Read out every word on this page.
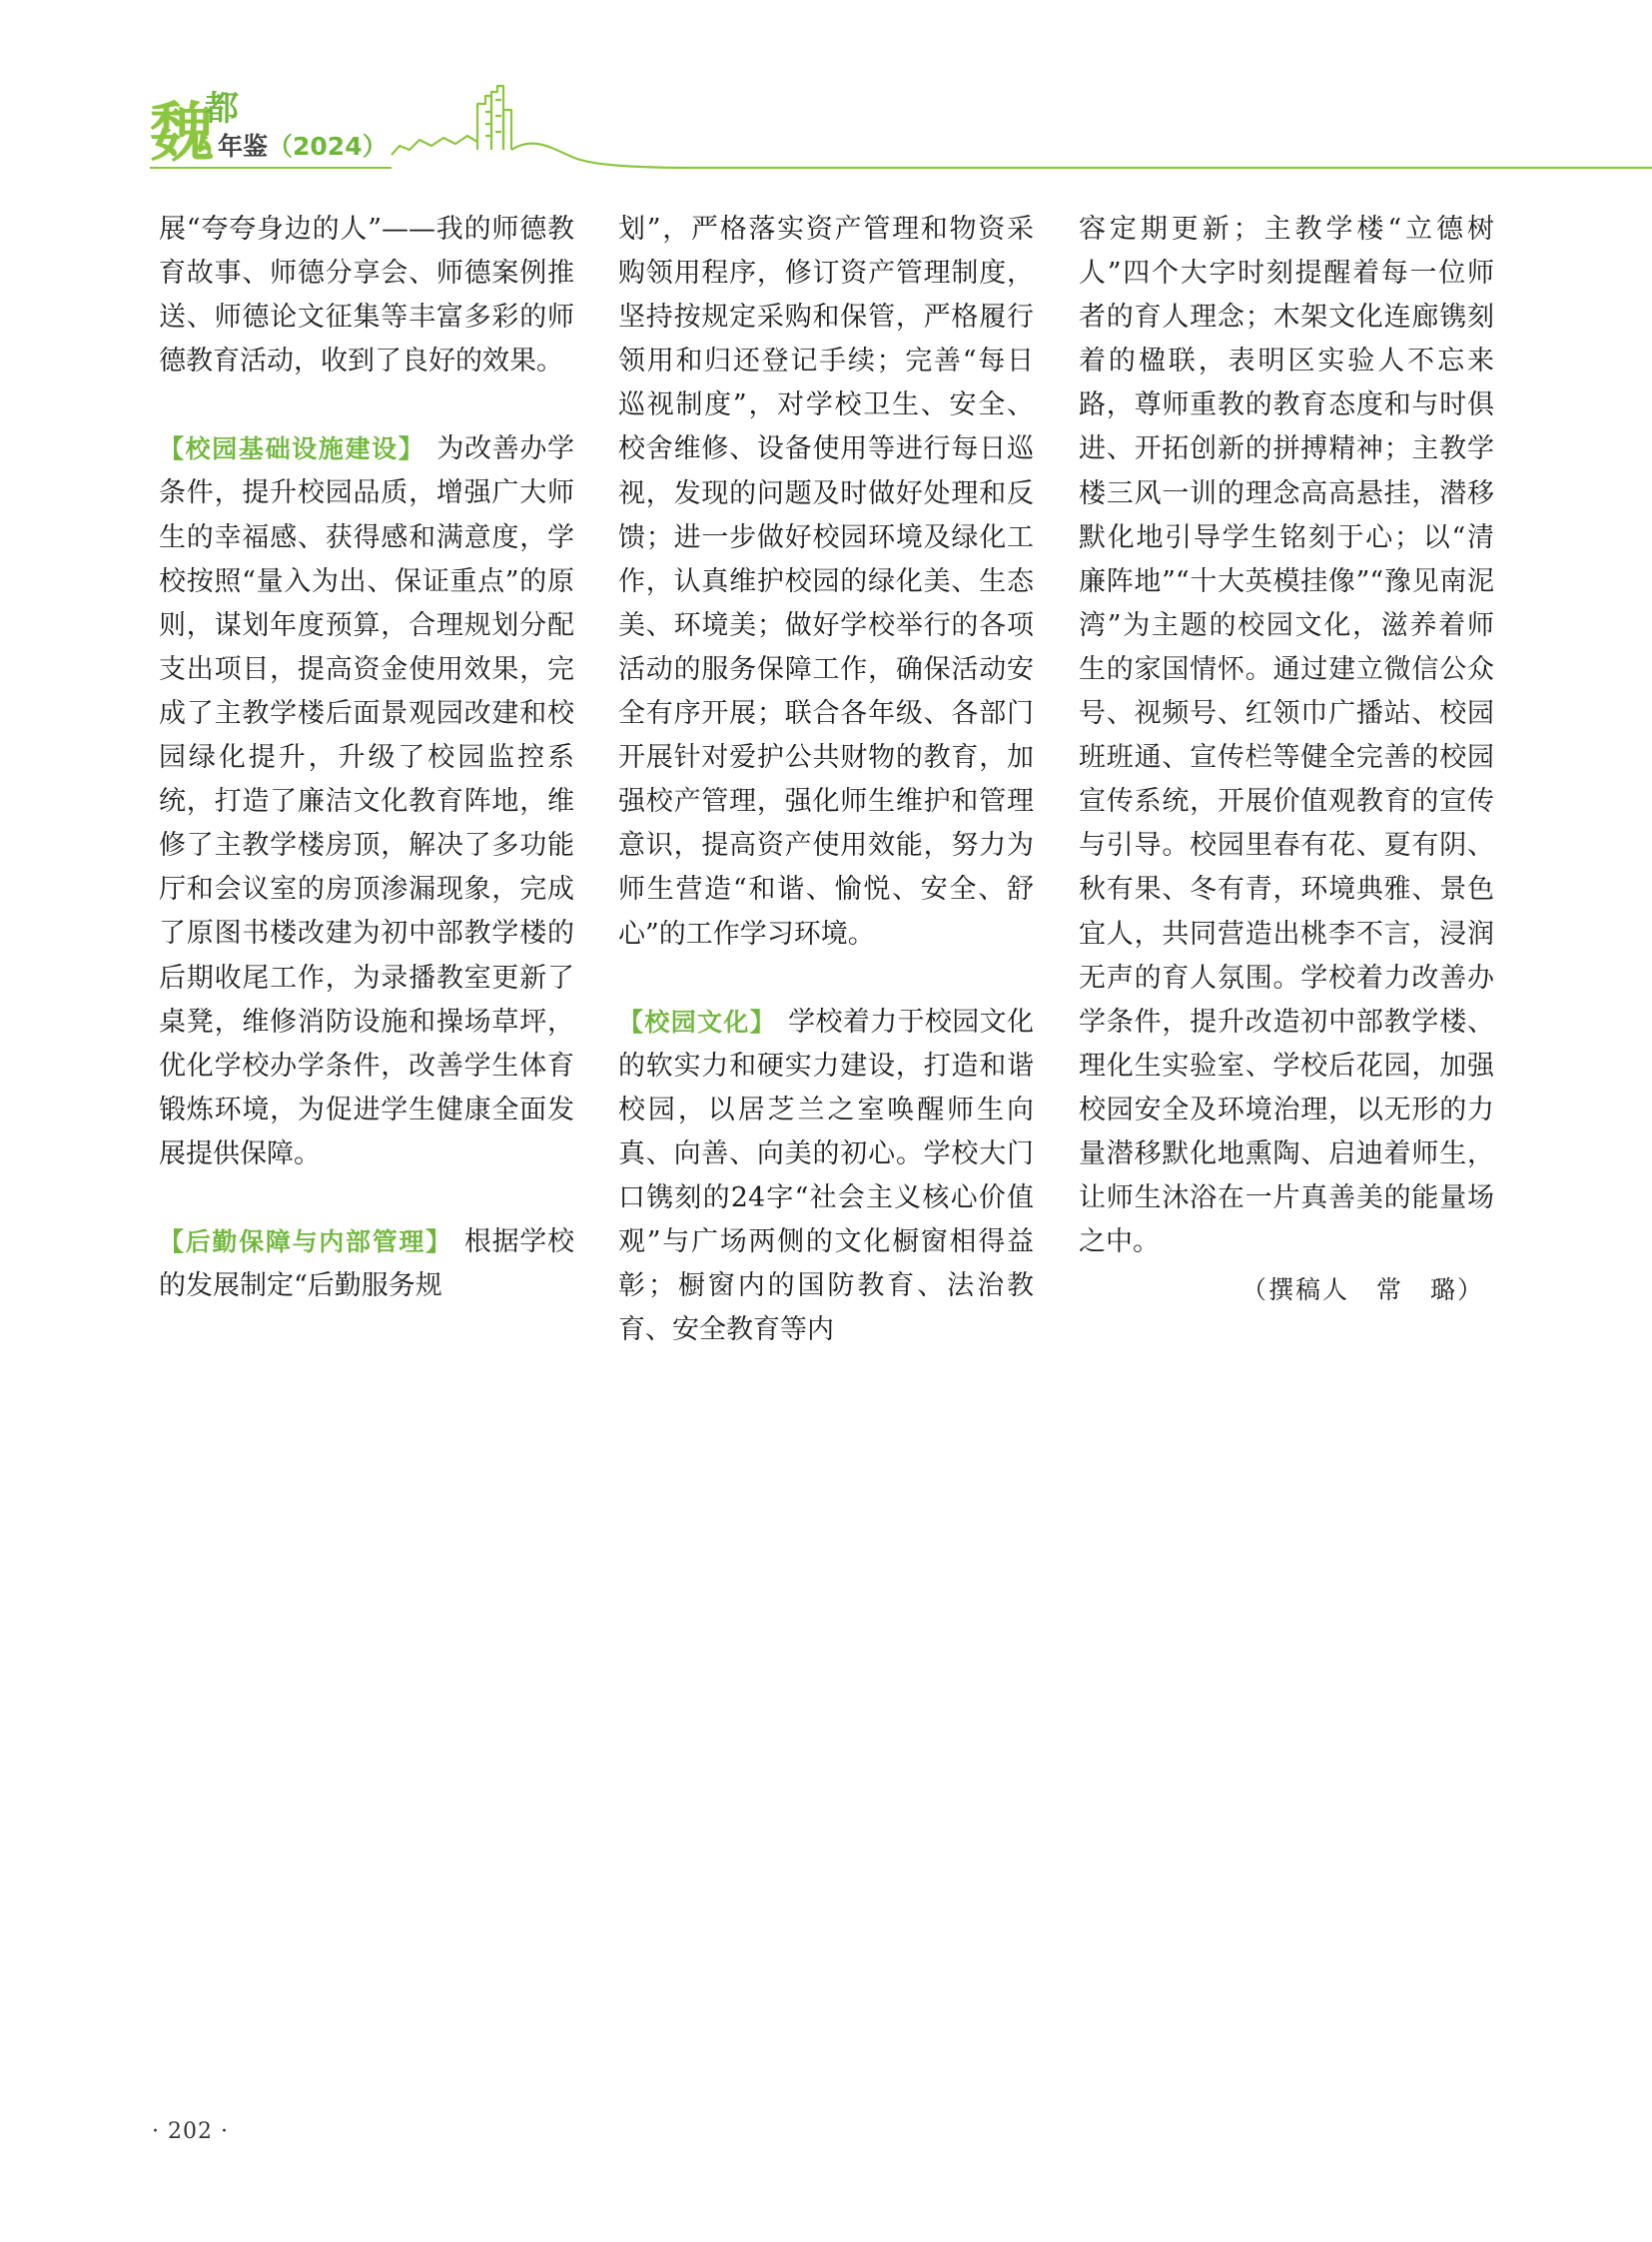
魏
都
年鉴（2024）

展“夸夸身边的人”——我的师德教育故事、师德分享会、师德案例推送、师德论文征集等丰富多彩的师德教育活动，收到了良好的效果。

【校园基础设施建设】 为改善办学条件，提升校园品质，增强广大师生的幸福感、获得感和满意度，学校按照“量入为出、保证重点”的原则，谋划年度预算，合理规划分配支出项目，提高资金使用效果，完成了主教学楼后面景观园改建和校园绿化提升，升级了校园监控系统，打造了廉洁文化教育阵地，维修了主教学楼房顶，解决了多功能厅和会议室的房顶渗漏现象，完成了原图书楼改建为初中部教学楼的后期收尾工作，为录播教室更新了桌凳，维修消防设施和操场草坪，优化学校办学条件，改善学生体育锻炼环境，为促进学生健康全面发展提供保障。

【后勤保障与内部管理】 根据学校的发展制定“后勤服务规

划”，严格落实资产管理和物资采购领用程序，修订资产管理制度，坚持按规定采购和保管，严格履行领用和归还登记手续；完善“每日巡视制度”，对学校卫生、安全、校舍维修、设备使用等进行每日巡视，发现的问题及时做好处理和反馈；进一步做好校园环境及绿化工作，认真维护校园的绿化美、生态美、环境美；做好学校举行的各项活动的服务保障工作，确保活动安全有序开展；联合各年级、各部门开展针对爱护公共财物的教育，加强校产管理，强化师生维护和管理意识，提高资产使用效能，努力为师生营造“和谐、愉悦、安全、舒心”的工作学习环境。

【校园文化】 学校着力于校园文化的软实力和硬实力建设，打造和谐校园，以居芝兰之室唤醒师生向真、向善、向美的初心。学校大门口镌刻的24字“社会主义核心价值观”与广场两侧的文化橱窗相得益彰；橱窗内的国防教育、法治教育、安全教育等内

容定期更新；主教学楼“立德树人”四个大字时刻提醒着每一位师者的育人理念；木架文化连廊镌刻着的楹联，表明区实验人不忘来路，尊师重教的教育态度和与时俱进、开拓创新的拼搏精神；主教学楼三风一训的理念高高悬挂，潜移默化地引导学生铭刻于心；以“清廉阵地”“十大英模挂像”“豫见南泥湾”为主题的校园文化，滋养着师生的家国情怀。通过建立微信公众号、视频号、红领巾广播站、校园班班通、宣传栏等健全完善的校园宣传系统，开展价值观教育的宣传与引导。校园里春有花、夏有阴、秋有果、冬有青，环境典雅、景色宜人，共同营造出桃李不言，浸润无声的育人氛围。学校着力改善办学条件，提升改造初中部教学楼、理化生实验室、学校后花园，加强校园安全及环境治理，以无形的力量潜移默化地熏陶、启迪着师生，让师生沐浴在一片真善美的能量场之中。

（撰稿人　常　璐）
· 202 ·
